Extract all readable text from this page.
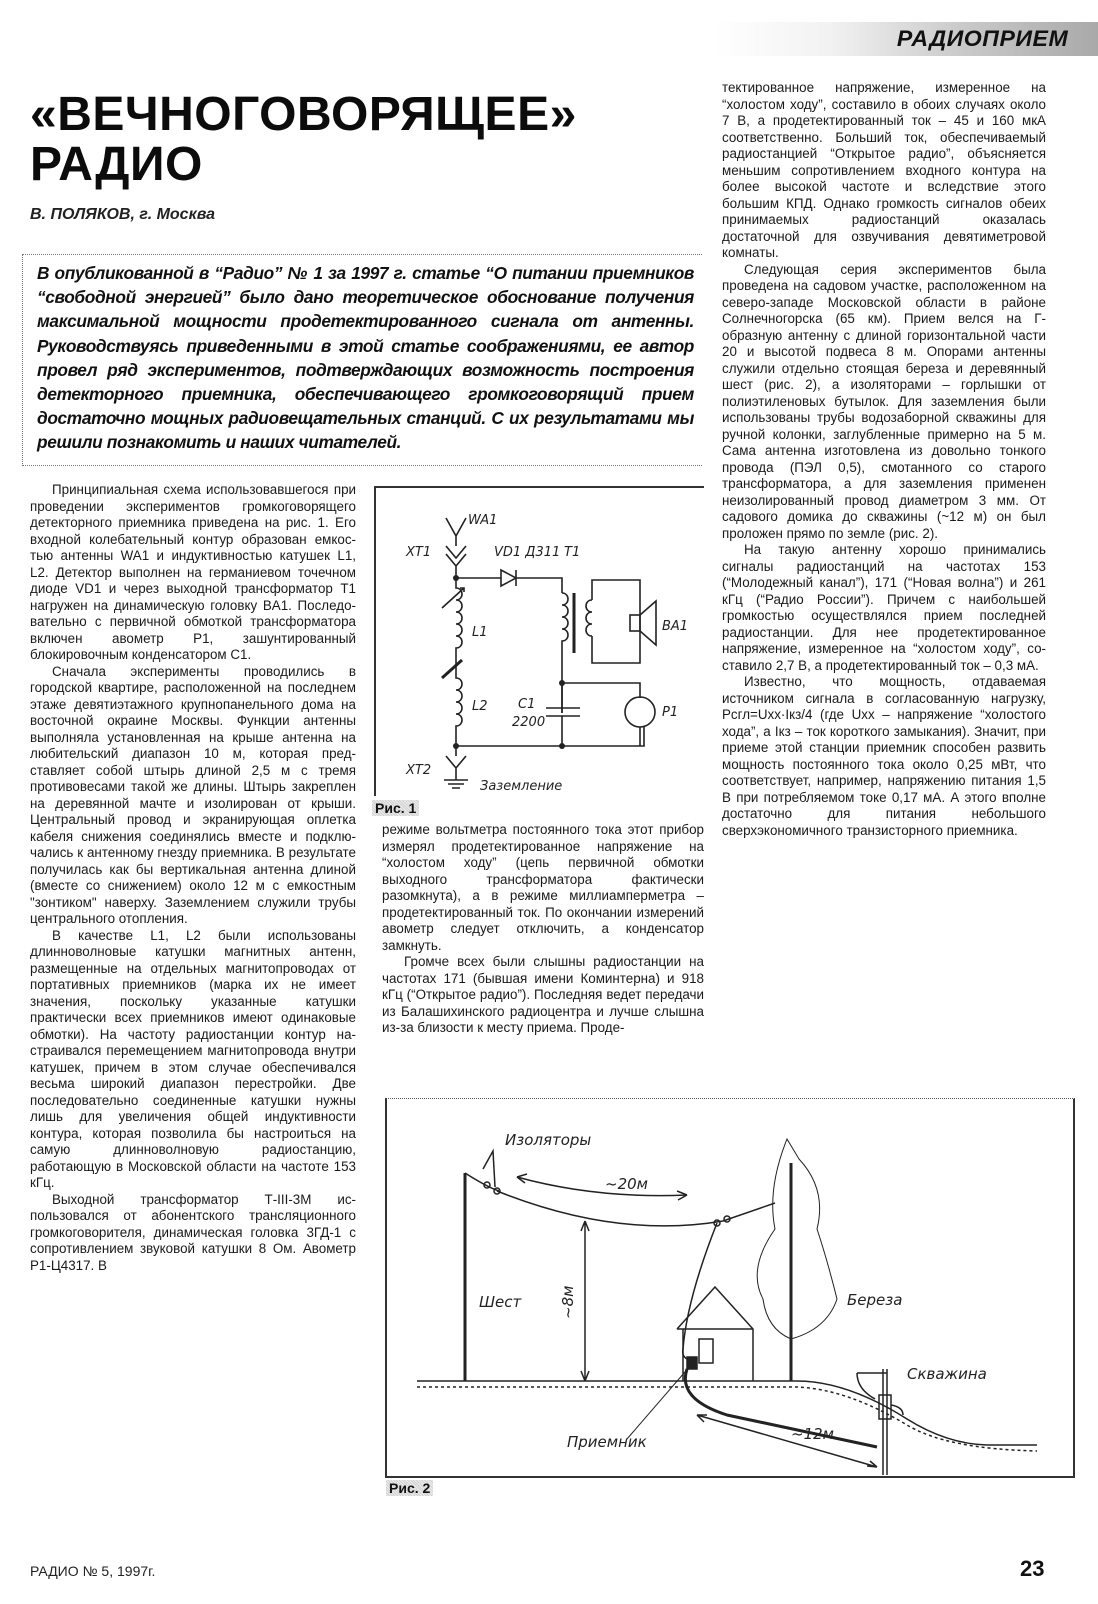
РАДИОПРИЕМ
«ВЕЧНОГОВОРЯЩЕЕ»
РАДИО
В. ПОЛЯКОВ, г. Москва
В опубликованной в “Радио” № 1 за 1997 г. статье “О питании приемников “свободной энергией” было дано теоретическое обоснование получения максимальной мощности продетектированного сигнала от антенны. Руководствуясь приведенными в этой статье соображениями, ее автор провел ряд экспериментов, подтверждающих возможность построения детекторного приемника, обеспечивающего громкоговорящий прием достаточно мощных радиовещательных станций. С их результатами мы решили познакомить и наших читателей.

Принципиальная схема использовавшегося при проведении экспериментов громкоговорящего детекторного приемника приведена на рис. 1. Его входной колебательный контур образован емкостью антенны WA1 и индуктивностью катушек L1, L2. Детектор выполнен на германиевом точечном диоде VD1 и через выходной трансформатор T1 нагружен на динамическую головку BA1. Последовательно с первичной обмоткой трансформатора включен авометр P1, зашунтированный блокировочным конденсатором C1.

Сначала эксперименты проводились в городской квартире, расположенной на последнем этаже девятиэтажного крупнопанельного дома на восточной окраине Москвы. Функции антенны выполняла установленная на крыше антенна на любительский диапазон 10 м, которая представляет собой штырь длиной 2,5 м с тремя противовесами такой же длины. Штырь закреплен на деревянной мачте и изолирован от крыши. Центральный провод и экранирующая оплетка кабеля снижения соединялись вместе и подключались к антенному гнезду приемника. В результате получилась как бы вертикальная антенна длиной (вместе со снижением) около 12 м с емкостным "зонтиком" наверху. Заземлением служили трубы центрального отопления.

В качестве L1, L2 были использованы длинноволновые катушки магнитных антенн, размещенные на отдельных магнитопроводах от портативных приемников (марка их не имеет значения, поскольку указанные катушки практически всех приемников имеют одинаковые обмотки). На частоту радиостанции контур настраивался перемещением магнитопровода внутри катушек, причем в этом случае обеспечивался весьма широкий диапазон перестройки. Две последовательно соединенные катушки нужны лишь для увеличения общей индуктивности контура, которая позволила бы настроиться на самую длинноволновую радиостанцию, работающую в Московской области на частоте 153 кГц.

Выходной трансформатор Т-III-3М использовался от абонентского трансляционного громкоговорителя, динамическая головка 3ГД-1 с сопротивлением звуковой катушки 8 Ом. Авометр P1-Ц4317. В

WA1
XT1	VD1 Д311 T1
L1
L2
BA1
C1
2200
P1
XT2
Заземление
Рис. 1

режиме вольтметра постоянного тока этот прибор измерял продетектированное напряжение на “холостом ходу” (цепь первичной обмотки выходного трансформатора фактически разомкнута), а в режиме миллиамперметра – продетектированный ток. По окончании измерений авометр следует отключить, а конденсатор замкнуть.

Громче всех были слышны радиостанции на частотах 171 (бывшая имени Коминтерна) и 918 кГц (“Открытое радио”). Последняя ведет передачи из Балашихинского радиоцентра и лучше слышна из-за близости к месту приема. Проде-

тектированное напряжение, измеренное на “холостом ходу”, составило в обоих случаях около 7 В, а продетектированный ток – 45 и 160 мкА соответственно. Больший ток, обеспечиваемый радиостанцией “Открытое радио”, объясняется меньшим сопротивлением входного контура на более высокой частоте и вследствие этого большим КПД. Однако громкость сигналов обеих принимаемых радиостанций оказалась достаточной для озвучивания девятиметровой комнаты.

Следующая серия экспериментов была проведена на садовом участке, расположенном на северо-западе Московской области в районе Солнечногорска (65 км). Прием велся на Г-образную антенну с длиной горизонтальной части 20 и высотой подвеса 8 м. Опорами антенны служили отдельно стоящая береза и деревянный шест (рис. 2), а изоляторами – горлышки от полиэтиленовых бутылок. Для заземления были использованы трубы водозаборной скважины для ручной колонки, заглубленные примерно на 5 м. Сама антенна изготовлена из довольно тонкого провода (ПЭЛ 0,5), смотанного со старого трансформатора, а для заземления применен неизолированный провод диаметром 3 мм. От садового домика до скважины (~12 м) он был проложен прямо по земле (рис. 2).

На такую антенну хорошо принимались сигналы радиостанций на частотах 153 (“Молодежный канал”), 171 (“Новая волна”) и 261 кГц (“Радио России”). Причем с наибольшей громкостью осуществлялся прием последней радиостанции. Для нее продетектированное напряжение, измеренное на “холостом ходу”, составило 2,7 В, а продетектированный ток – 0,3 мА.

Известно, что мощность, отдаваемая источником сигнала в согласованную нагрузку, Pсгл=Uхх·Iкз/4 (где Uхх – напряжение “холостого хода”, а Iкз – ток короткого замыкания). Значит, при приеме этой станции приемник способен развить мощность постоянного тока около 0,25 мВт, что соответствует, например, напряжению питания 1,5 В при потребляемом токе 0,17 мА. А этого вполне достаточно для питания небольшого сверхэкономичного транзисторного приемника.

Изоляторы
~20м
~8м
Шест	Береза
Скважина
Приемник	~12м
Рис. 2
РАДИО № 5, 1997г.	23
